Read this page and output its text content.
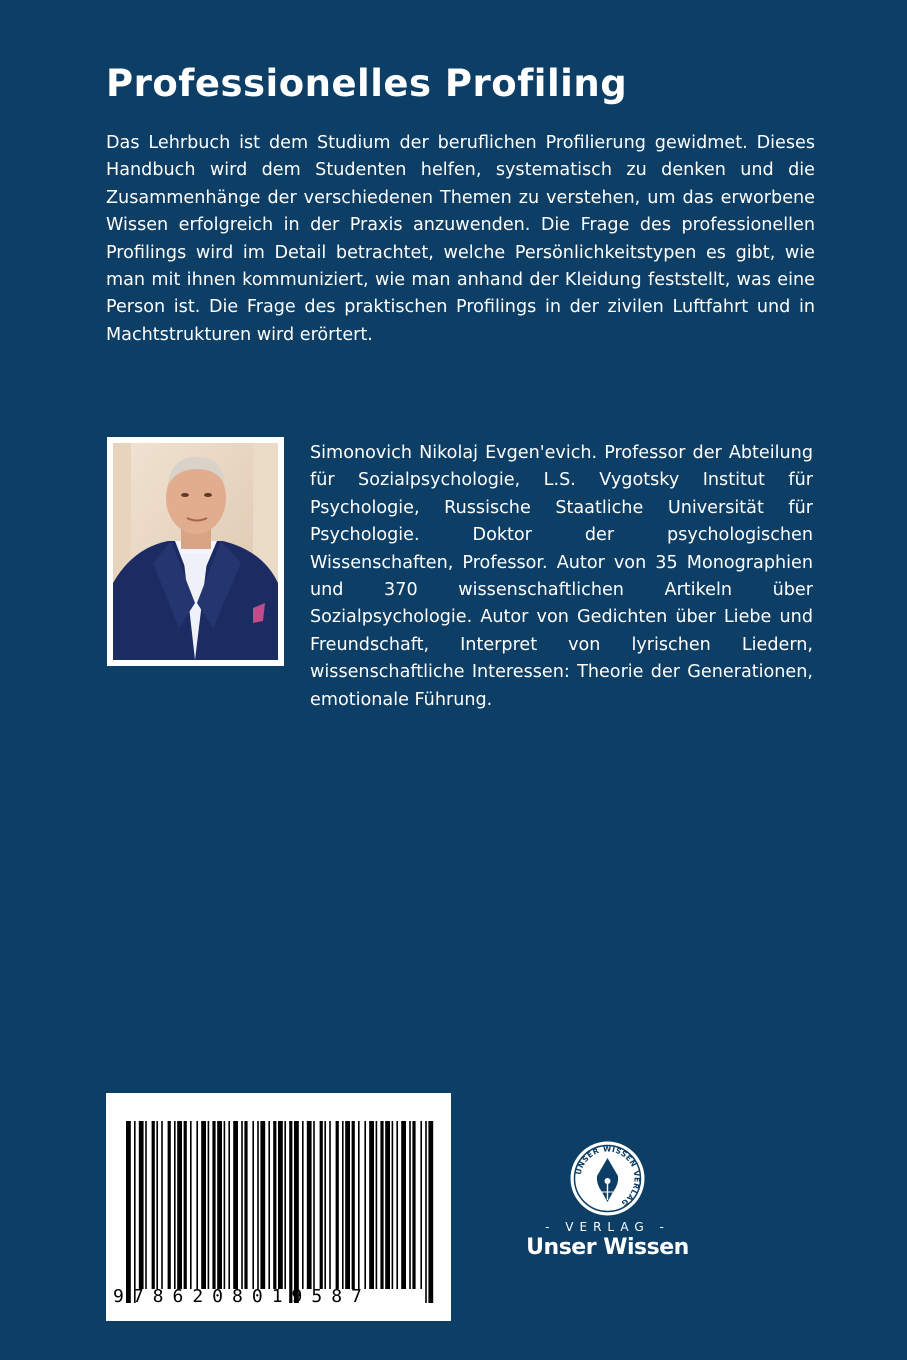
Professionelles Profiling

Das Lehrbuch ist dem Studium der beruflichen Profilierung gewidmet. Dieses Handbuch wird dem Studenten helfen, systematisch zu denken und die Zusammenhänge der verschiedenen Themen zu verstehen, um das erworbene Wissen erfolgreich in der Praxis anzuwenden. Die Frage des professionellen Profilings wird im Detail betrachtet, welche Persönlichkeitstypen es gibt, wie man mit ihnen kommuniziert, wie man anhand der Kleidung feststellt, was eine Person ist. Die Frage des praktischen Profilings in der zivilen Luftfahrt und in Machtstrukturen wird erörtert.

Simonovich Nikolaj Evgen'evich. Professor der Abteilung für Sozialpsychologie, L.S. Vygotsky Institut für Psychologie, Russische Staatliche Universität für Psychologie. Doktor der psychologischen Wissenschaften, Professor. Autor von 35 Monographien und 370 wissenschaftlichen Artikeln über Sozialpsychologie. Autor von Gedichten über Liebe und Freundschaft, Interpret von lyrischen Liedern, wissenschaftliche Interessen: Theorie der Generationen, emotionale Führung.

9786208019587
UNSER WISSEN VERLAG
- VERLAG -
Unser Wissen
